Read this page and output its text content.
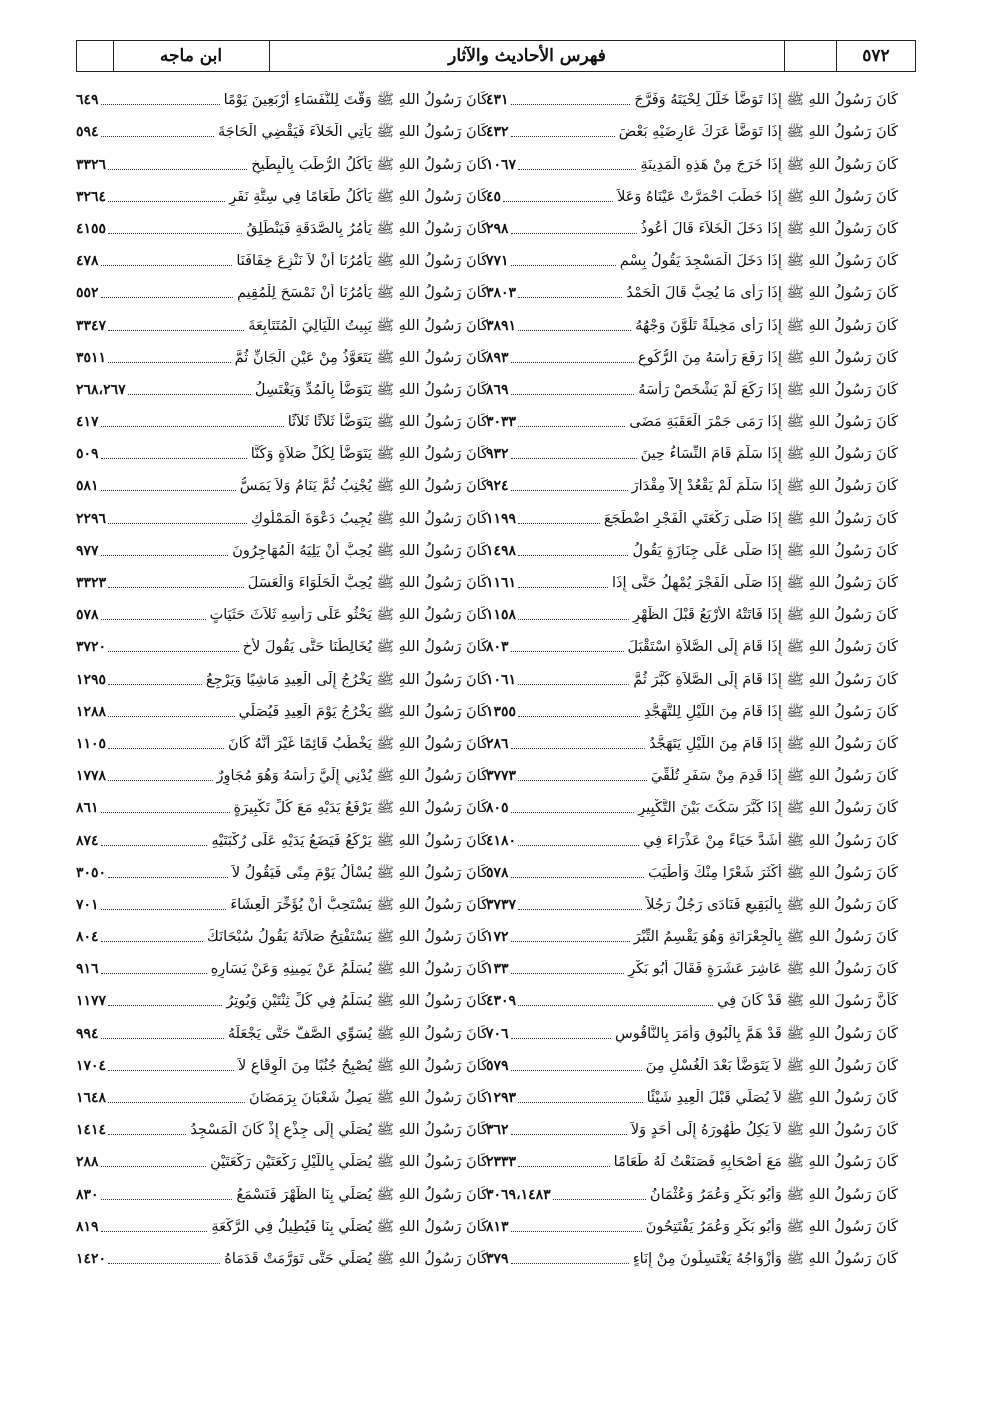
٥٧٢
فهرس الأحاديث والآثار
ابن ماجه
كَانَ رَسُولُ اللهِ ﷺ إِذَا تَوَضَّأَ خَلَّلَ لِحْيَتَهُ وَفَرَّجَ
٤٣١
كَانَ رَسُولُ اللهِ ﷺ إِذَا تَوَضَّأَ عَرَكَ عَارِضَيْهِ بَعْضَ
٤٣٢
كَانَ رَسُولُ اللهِ ﷺ إِذَا خَرَجَ مِنْ هَذِهِ الْمَدِينَةِ
١٠٦٧
كَانَ رَسُولُ اللهِ ﷺ إِذَا خَطَبَ احْمَرَّتْ عَيْنَاهُ وَعَلاَ
٤٥
كَانَ رَسُولُ اللهِ ﷺ إِذَا دَخَلَ الْخَلاَءَ قَالَ أَعُوذُ
٢٩٨
كَانَ رَسُولُ اللهِ ﷺ إِذَا دَخَلَ الْمَسْجِدَ يَقُولُ بِسْمِ
٧٧١
كَانَ رَسُولُ اللهِ ﷺ إِذَا رَأَى مَا يُحِبُّ قَالَ الْحَمْدُ
٣٨٠٣
كَانَ رَسُولُ اللهِ ﷺ إِذَا رَأَى مَخِيلَةً تَلَوَّنَ وَجْهُهُ
٣٨٩١
كَانَ رَسُولُ اللهِ ﷺ إِذَا رَفَعَ رَأْسَهُ مِنَ الرُّكُوعِ
٨٩٣
كَانَ رَسُولُ اللهِ ﷺ إِذَا رَكَعَ لَمْ يَشْخَصْ رَأْسَهُ
٨٦٩
كَانَ رَسُولُ اللهِ ﷺ إِذَا رَمَى جَمْرَ الْعَقَبَةِ مَضَى
٣٠٣٣
كَانَ رَسُولُ اللهِ ﷺ إِذَا سَلَّمَ قَامَ النِّسَاءُ حِينَ
٩٣٢
كَانَ رَسُولُ اللهِ ﷺ إِذَا سَلَّمَ لَمْ يَقْعُدْ إِلاَّ مِقْدَارَ
٩٢٤
كَانَ رَسُولُ اللهِ ﷺ إِذَا صَلَّى رَكْعَتَيِ الْفَجْرِ اضْطَجَعَ
١١٩٩
كَانَ رَسُولُ اللهِ ﷺ إِذَا صَلَّى عَلَى جِنَازَةٍ يَقُولُ
١٤٩٨
كَانَ رَسُولُ اللهِ ﷺ إِذَا صَلَّى الْفَجْرَ يُمْهِلُ حَتَّى إِذَا
١١٦١
كَانَ رَسُولُ اللهِ ﷺ إِذَا فَاتَتْهُ الأَرْبَعُ قَبْلَ الظُّهْرِ
١١٥٨
كَانَ رَسُولُ اللهِ ﷺ إِذَا قَامَ إِلَى الصَّلاَةِ اسْتَقْبَلَ
٨٠٣
كَانَ رَسُولُ اللهِ ﷺ إِذَا قَامَ إِلَى الصَّلاَةِ كَبَّرَ ثُمَّ
١٠٦١
كَانَ رَسُولُ اللهِ ﷺ إِذَا قَامَ مِنَ اللَّيْلِ لِلتَّهَجُّدِ
١٣٥٥
كَانَ رَسُولُ اللهِ ﷺ إِذَا قَامَ مِنَ اللَّيْلِ يَتَهَجَّدُ
٢٨٦
كَانَ رَسُولُ اللهِ ﷺ إِذَا قَدِمَ مِنْ سَفَرٍ تُلُقِّيَ
٣٧٧٣
كَانَ رَسُولُ اللهِ ﷺ إِذَا كَبَّرَ سَكَتَ بَيْنَ التَّكْبِيرِ
٨٠٥
كَانَ رَسُولُ اللهِ ﷺ أَشَدَّ حَيَاءً مِنْ عَذْرَاءَ فِي
٤١٨٠
كَانَ رَسُولُ اللهِ ﷺ أَكْثَرَ شَعْرًا مِنْكَ وَأَطْيَبَ
٥٧٨
كَانَ رَسُولُ اللهِ ﷺ بِالْبَقِيعِ فَنَادَى رَجُلٌ رَجُلاً
٣٧٣٧
كَانَ رَسُولُ اللهِ ﷺ بِالْجِعْرَانَةِ وَهُوَ يَقْسِمُ التِّبْرَ
١٧٢
كَانَ رَسُولُ اللهِ ﷺ عَاشِرَ عَشَرَةٍ فَقَالَ أَبُو بَكْرٍ
١٣٣
كَأَنَّ رَسُولَ اللهِ ﷺ قَدْ كَانَ فِي
٤٣٠٩
كَانَ رَسُولُ اللهِ ﷺ قَدْ هَمَّ بِالْبُوقِ وَأَمَرَ بِالنَّاقُوسِ
٧٠٦
كَانَ رَسُولُ اللهِ ﷺ لاَ يَتَوَضَّأُ بَعْدَ الْغُسْلِ مِنَ
٥٧٩
كَانَ رَسُولُ اللهِ ﷺ لاَ يُصَلِّي قَبْلَ الْعِيدِ شَيْئًا
١٢٩٣
كَانَ رَسُولُ اللهِ ﷺ لاَ يَكِلُ طُهُورَهُ إِلَى أَحَدٍ وَلاَ
٣٦٢
كَانَ رَسُولُ اللهِ ﷺ مَعَ أَصْحَابِهِ فَصَنَعْتُ لَهُ طَعَامًا
٢٣٣٣
كَانَ رَسُولُ اللهِ ﷺ وَأَبُو بَكْرٍ وَعُمَرُ وَعُثْمَانُ
٣٠٦٩،١٤٨٣
كَانَ رَسُولُ اللهِ ﷺ وَأَبُو بَكْرٍ وَعُمَرُ يَفْتَتِحُونَ
٨١٣
كَانَ رَسُولُ اللهِ ﷺ وَأَزْوَاجُهُ يَغْتَسِلُونَ مِنْ إِنَاءٍ
٣٧٩
كَانَ رَسُولُ اللهِ ﷺ وَقَّتَ لِلنُّفَسَاءِ أَرْبَعِينَ يَوْمًا
٦٤٩
كَانَ رَسُولُ اللهِ ﷺ يَأْتِي الْخَلاَءَ فَيَقْضِي الْحَاجَةَ
٥٩٤
كَانَ رَسُولُ اللهِ ﷺ يَأْكُلُ الرُّطَبَ بِالْبِطِّيخِ
٣٣٢٦
كَانَ رَسُولُ اللهِ ﷺ يَأْكُلُ طَعَامًا فِي سِتَّةِ نَفَرٍ
٣٢٦٤
كَانَ رَسُولُ اللهِ ﷺ يَأْمُرُ بِالصَّدَقَةِ فَيَنْطَلِقُ
٤١٥٥
كَانَ رَسُولُ اللهِ ﷺ يَأْمُرُنَا أَنْ لاَ نَنْزِعَ خِفَافَنَا
٤٧٨
كَانَ رَسُولُ اللهِ ﷺ يَأْمُرُنَا أَنْ نَمْسَحَ لِلْمُقِيمِ
٥٥٢
كَانَ رَسُولُ اللهِ ﷺ يَبِيتُ اللَّيَالِيَ الْمُتَتَابِعَةَ
٣٣٤٧
كَانَ رَسُولُ اللهِ ﷺ يَتَعَوَّذُ مِنْ عَيْنِ الْجَانِّ ثُمَّ
٣٥١١
كَانَ رَسُولُ اللهِ ﷺ يَتَوَضَّأُ بِالْمُدِّ وَيَغْتَسِلُ
٢٦٨،٢٦٧
كَانَ رَسُولُ اللهِ ﷺ يَتَوَضَّأُ ثَلاَثًا ثَلاَثًا
٤١٧
كَانَ رَسُولُ اللهِ ﷺ يَتَوَضَّأُ لِكُلِّ صَلاَةٍ وَكُنَّا
٥٠٩
كَانَ رَسُولُ اللهِ ﷺ يُجْنِبُ ثُمَّ يَنَامُ وَلاَ يَمَسُّ
٥٨١
كَانَ رَسُولُ اللهِ ﷺ يُجِيبُ دَعْوَةَ الْمَمْلُوكِ
٢٢٩٦
كَانَ رَسُولُ اللهِ ﷺ يُحِبُّ أَنْ يَلِيَهُ الْمُهَاجِرُونَ
٩٧٧
كَانَ رَسُولُ اللهِ ﷺ يُحِبُّ الْحَلْوَاءَ وَالْعَسَلَ
٣٣٢٣
كَانَ رَسُولُ اللهِ ﷺ يَحْثُو عَلَى رَأْسِهِ ثَلاَثَ حَثَيَاتٍ
٥٧٨
كَانَ رَسُولُ اللهِ ﷺ يُخَالِطُنَا حَتَّى يَقُولَ لأَخٍ
٣٧٢٠
كَانَ رَسُولُ اللهِ ﷺ يَخْرُجُ إِلَى الْعِيدِ مَاشِيًا وَيَرْجِعُ
١٢٩٥
كَانَ رَسُولُ اللهِ ﷺ يَخْرُجُ يَوْمَ الْعِيدِ فَيُصَلِّي
١٢٨٨
كَانَ رَسُولُ اللهِ ﷺ يَخْطُبُ قَائِمًا غَيْرَ أَنَّهُ كَانَ
١١٠٥
كَانَ رَسُولُ اللهِ ﷺ يُدْنِي إِلَيَّ رَأْسَهُ وَهُوَ مُجَاوِرٌ
١٧٧٨
كَانَ رَسُولُ اللهِ ﷺ يَرْفَعُ يَدَيْهِ مَعَ كُلِّ تَكْبِيرَةٍ
٨٦١
كَانَ رَسُولُ اللهِ ﷺ يَرْكَعُ فَيَضَعُ يَدَيْهِ عَلَى رُكْبَتَيْهِ
٨٧٤
كَانَ رَسُولُ اللهِ ﷺ يُسْأَلُ يَوْمَ مِنًى فَيَقُولُ لاَ
٣٠٥٠
كَانَ رَسُولُ اللهِ ﷺ يَسْتَحِبُّ أَنْ يُؤَخِّرَ الْعِشَاءَ
٧٠١
كَانَ رَسُولُ اللهِ ﷺ يَسْتَفْتِحُ صَلاَتَهُ يَقُولُ سُبْحَانَكَ
٨٠٤
كَانَ رَسُولُ اللهِ ﷺ يُسَلِّمُ عَنْ يَمِينِهِ وَعَنْ يَسَارِهِ
٩١٦
كَانَ رَسُولُ اللهِ ﷺ يُسَلِّمُ فِي كُلِّ ثِنْتَيْنِ وَيُوتِرُ
١١٧٧
كَانَ رَسُولُ اللهِ ﷺ يُسَوِّي الصَّفَّ حَتَّى يَجْعَلَهُ
٩٩٤
كَانَ رَسُولُ اللهِ ﷺ يُصْبِحُ جُنُبًا مِنَ الْوِقَاعِ لاَ
١٧٠٤
كَانَ رَسُولُ اللهِ ﷺ يَصِلُ شَعْبَانَ بِرَمَضَانَ
١٦٤٨
كَانَ رَسُولُ اللهِ ﷺ يُصَلِّي إِلَى جِذْعٍ إِذْ كَانَ الْمَسْجِدُ
١٤١٤
كَانَ رَسُولُ اللهِ ﷺ يُصَلِّي بِاللَّيْلِ رَكْعَتَيْنِ رَكْعَتَيْنِ
٢٨٨
كَانَ رَسُولُ اللهِ ﷺ يُصَلِّي بِنَا الظُّهْرَ فَنَسْمَعُ
٨٣٠
كَانَ رَسُولُ اللهِ ﷺ يُصَلِّي بِنَا فَيُطِيلُ فِي الرَّكْعَةِ
٨١٩
كَانَ رَسُولُ اللهِ ﷺ يُصَلِّي حَتَّى تَوَرَّمَتْ قَدَمَاهُ
١٤٢٠
